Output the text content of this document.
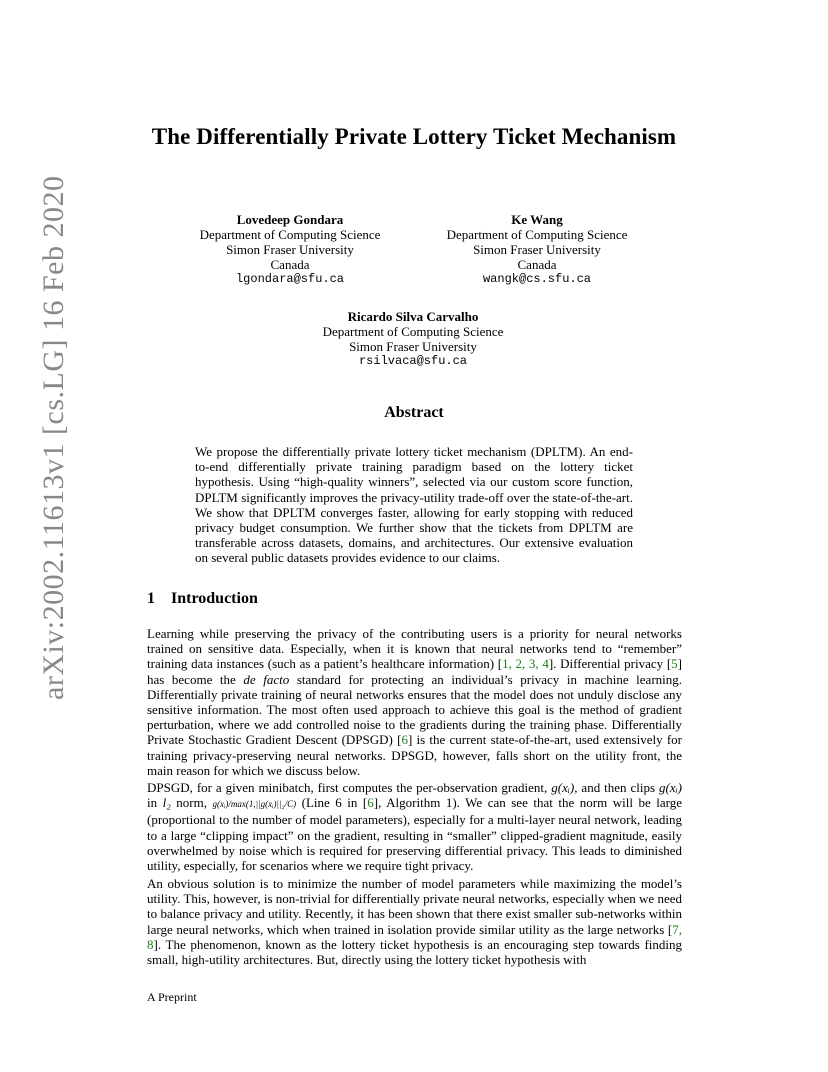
arXiv:2002.11613v1 [cs.LG] 16 Feb 2020
The Differentially Private Lottery Ticket Mechanism
Lovedeep Gondara
Department of Computing Science
Simon Fraser University
Canada
lgondara@sfu.ca
Ke Wang
Department of Computing Science
Simon Fraser University
Canada
wangk@cs.sfu.ca
Ricardo Silva Carvalho
Department of Computing Science
Simon Fraser University
rsilvaca@sfu.ca
Abstract
We propose the differentially private lottery ticket mechanism (DPLTM). An end-to-end differentially private training paradigm based on the lottery ticket hypothesis. Using “high-quality winners”, selected via our custom score function, DPLTM significantly improves the privacy-utility trade-off over the state-of-the-art. We show that DPLTM converges faster, allowing for early stopping with reduced privacy budget consumption. We further show that the tickets from DPLTM are transferable across datasets, domains, and architectures. Our extensive evaluation on several public datasets provides evidence to our claims.
1 Introduction

Learning while preserving the privacy of the contributing users is a priority for neural networks trained on sensitive data. Especially, when it is known that neural networks tend to “remember” training data instances (such as a patient’s healthcare information) [1, 2, 3, 4]. Differential privacy [5] has become the de facto standard for protecting an individual’s privacy in machine learning. Differentially private training of neural networks ensures that the model does not unduly disclose any sensitive information. The most often used approach to achieve this goal is the method of gradient perturbation, where we add controlled noise to the gradients during the training phase. Differentially Private Stochastic Gradient Descent (DPSGD) [6] is the current state-of-the-art, used extensively for training privacy-preserving neural networks. DPSGD, however, falls short on the utility front, the main reason for which we discuss below.

DPSGD, for a given minibatch, first computes the per-observation gradient, g(xᵢ), and then clips g(xᵢ) in l₂ norm, g(xᵢ)/max(1,||g(xᵢ)||₂/C) (Line 6 in [6], Algorithm 1). We can see that the norm will be large (proportional to the number of model parameters), especially for a multi-layer neural network, leading to a large “clipping impact” on the gradient, resulting in “smaller” clipped-gradient magnitude, easily overwhelmed by noise which is required for preserving differential privacy. This leads to diminished utility, especially, for scenarios where we require tight privacy.

An obvious solution is to minimize the number of model parameters while maximizing the model’s utility. This, however, is non-trivial for differentially private neural networks, especially when we need to balance privacy and utility. Recently, it has been shown that there exist smaller sub-networks within large neural networks, which when trained in isolation provide similar utility as the large networks [7, 8]. The phenomenon, known as the lottery ticket hypothesis is an encouraging step towards finding small, high-utility architectures. But, directly using the lottery ticket hypothesis with

A Preprint
